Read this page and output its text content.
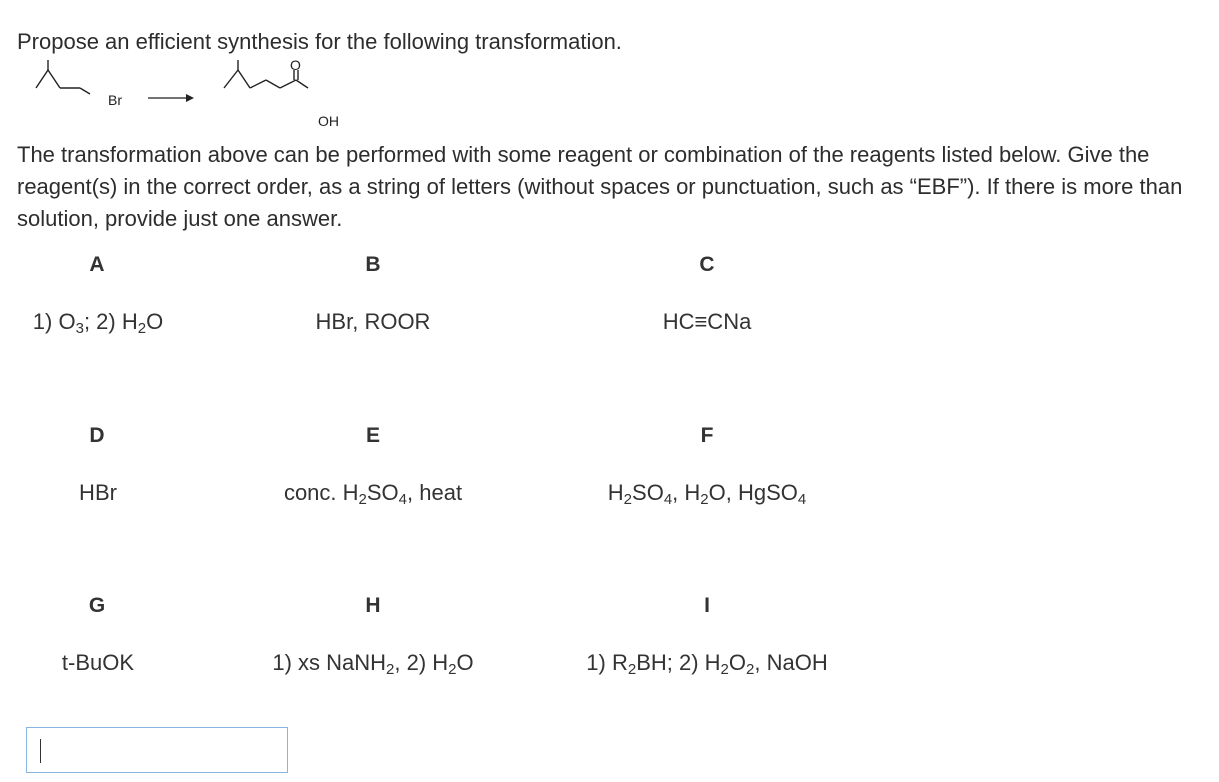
Propose an efficient synthesis for the following transformation.
Br
O
OH
The transformation above can be performed with some reagent or combination of the reagents listed below. Give the
reagent(s) in the correct order, as a string of letters (without spaces or punctuation, such as “EBF”). If there is more than
solution, provide just one answer.
A
1) $O_3$; 2) $H_2O$
B
HBr, ROOR
C
HC≡CNa
D
HBr
E
conc. $H_2SO_4$, heat
F
$H_2SO_4$, $H_2O$, HgSO$_4$
G
t-BuOK
H
1) xs NaNH$_2$, 2) $H_2O$
I
1) $R_2BH$; 2) $H_2O_2$, NaOH
